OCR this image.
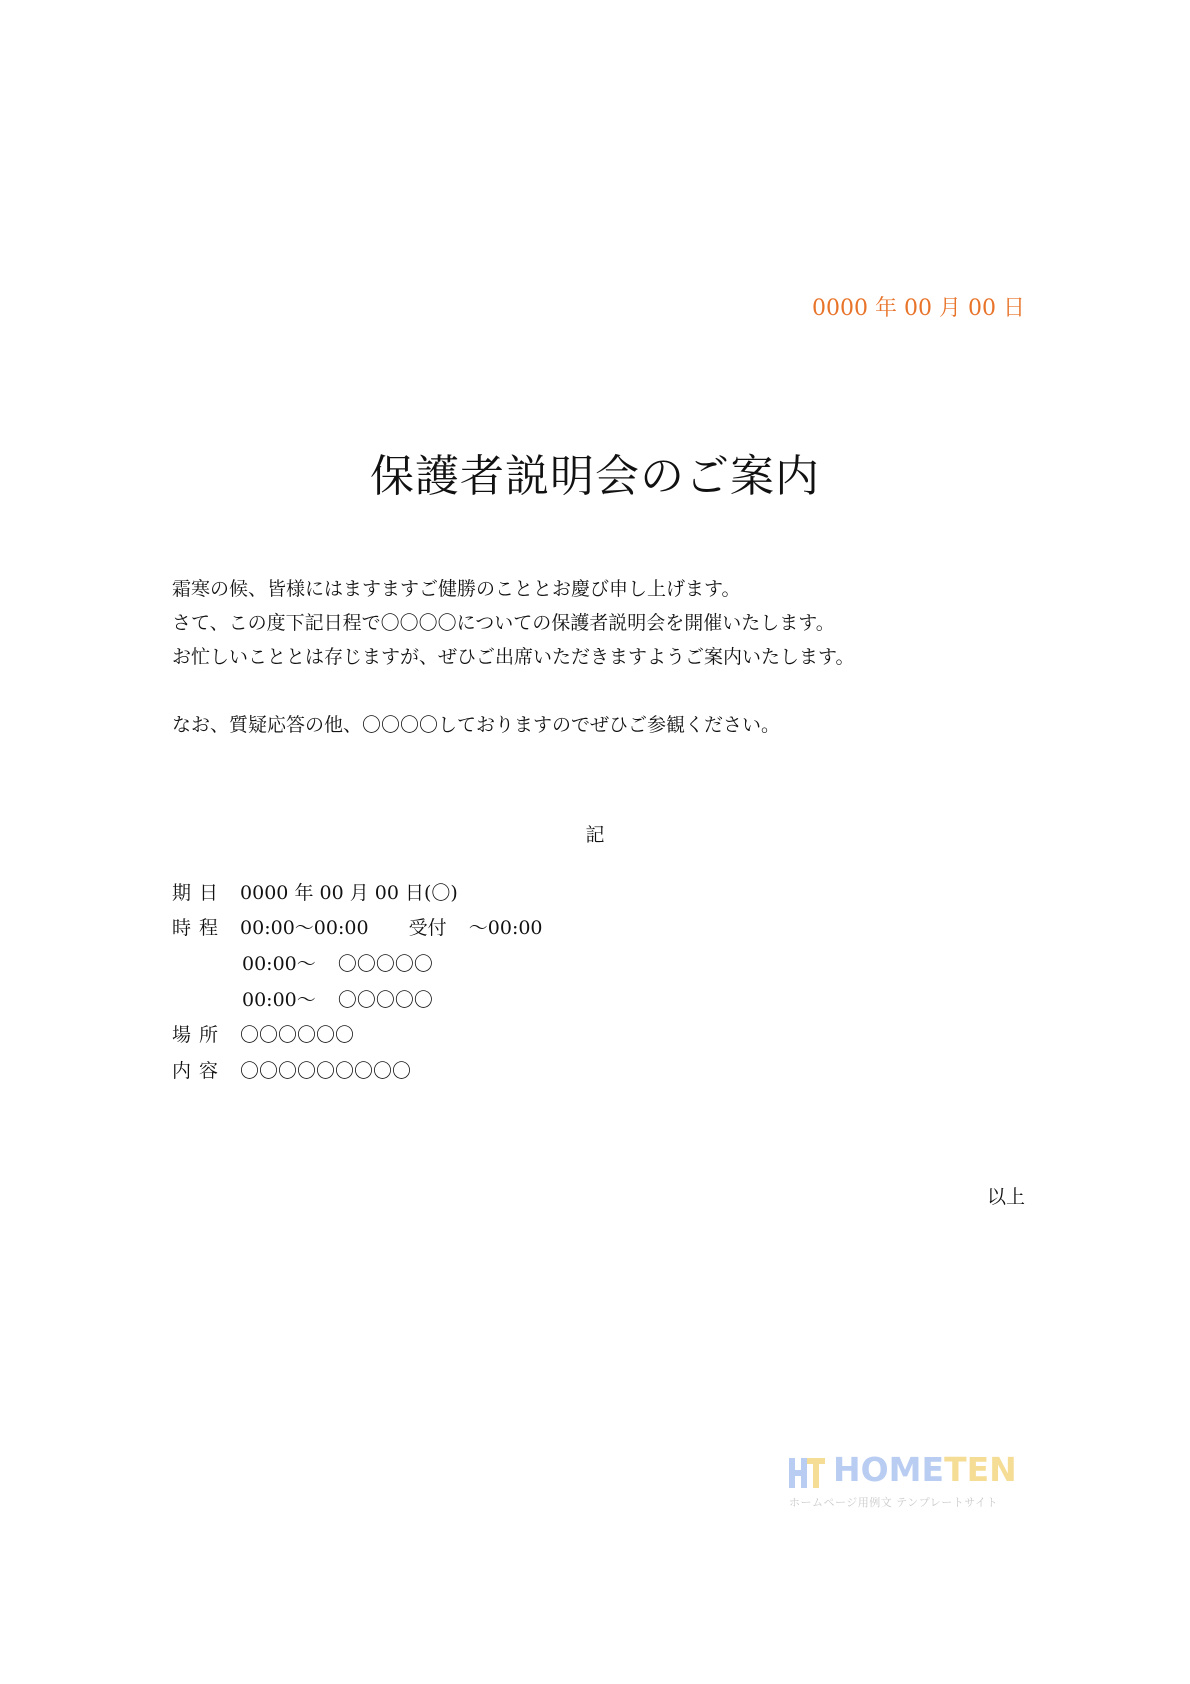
0000 年 00 月 00 日
保護者説明会のご案内
霜寒の候、皆様にはますますご健勝のこととお慶び申し上げます。
さて、この度下記日程で〇〇〇〇についての保護者説明会を開催いたします。
お忙しいこととは存じますが、ぜひご出席いただきますようご案内いたします。
なお、質疑応答の他、〇〇〇〇しておりますのでぜひご参観ください。
記
期日 0000 年 00 月 00 日(〇)
時程 00:00〜00:00 受付 〜00:00
00:00〜 〇〇〇〇〇
00:00〜 〇〇〇〇〇
場所 〇〇〇〇〇〇
内容 〇〇〇〇〇〇〇〇〇
以上
HOMETEN
ホームページ用例文 テンプレートサイト
